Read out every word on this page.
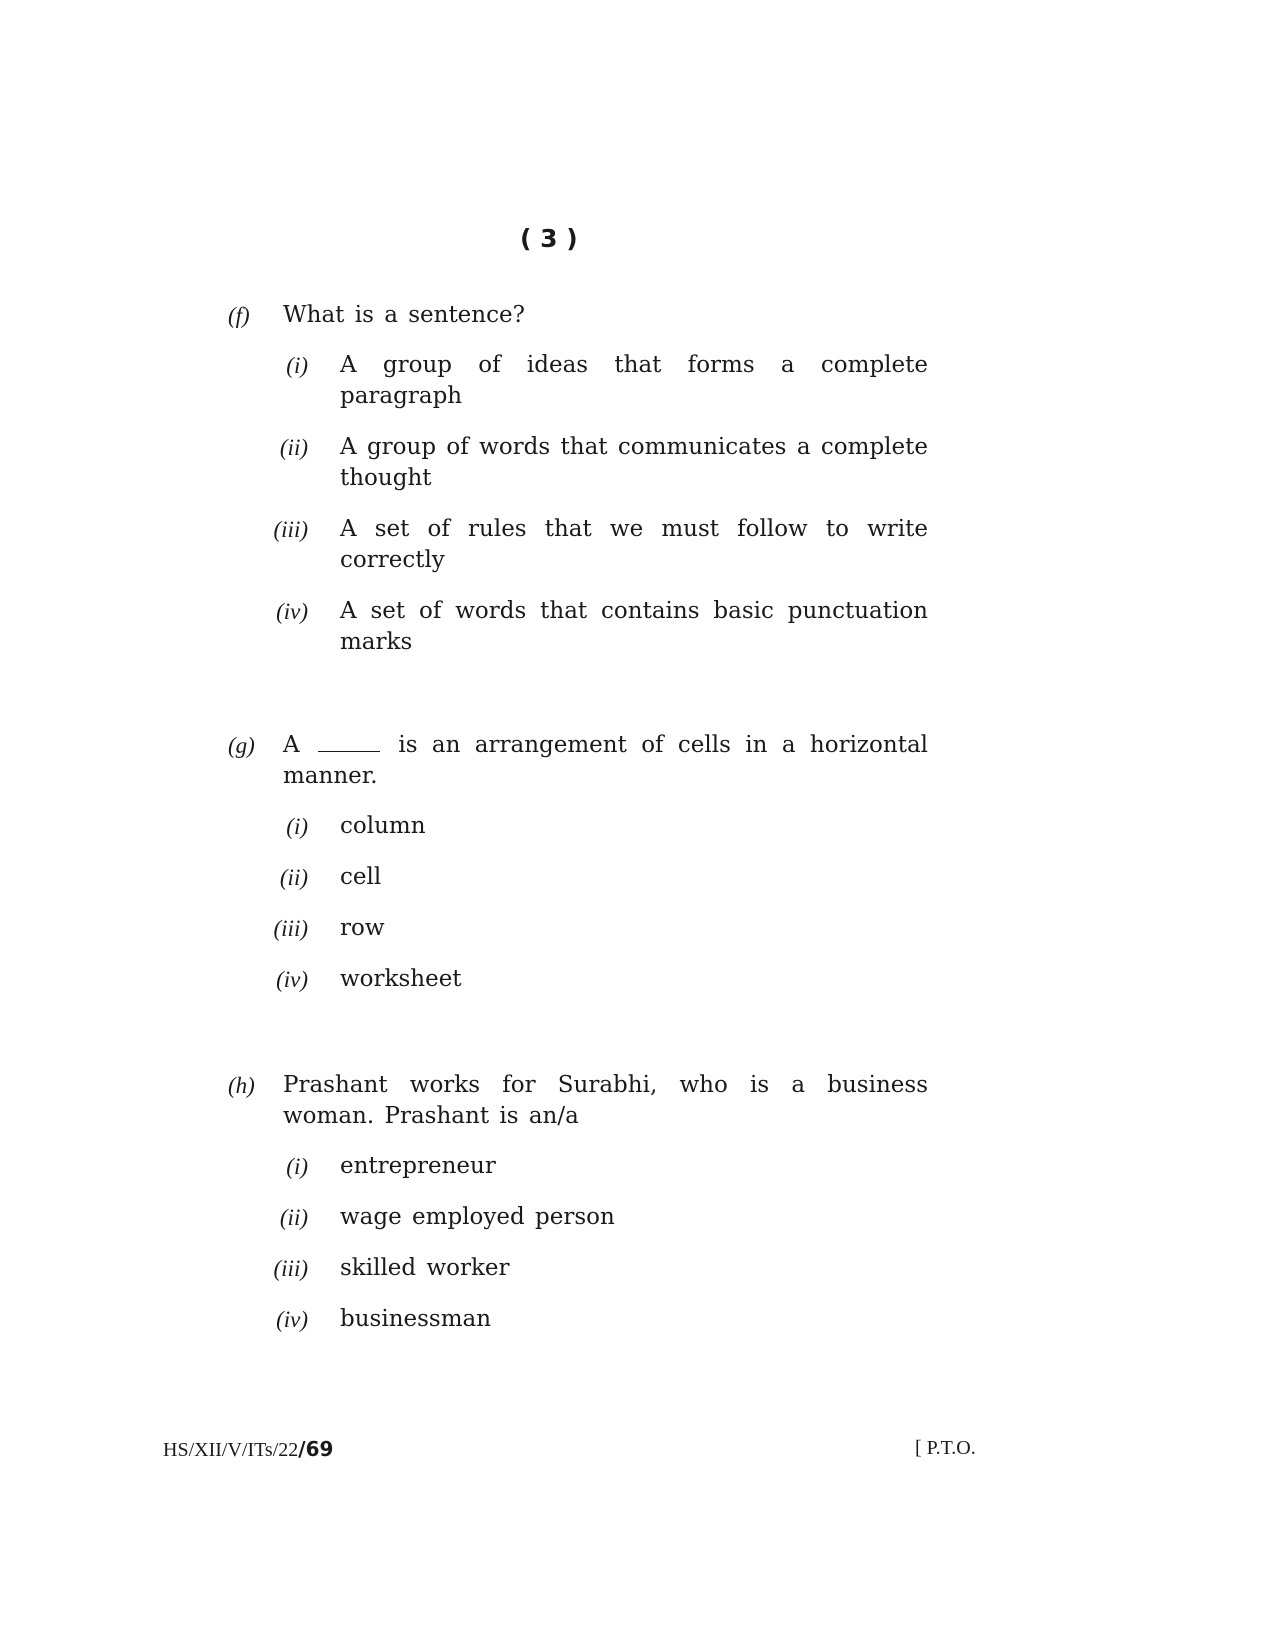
( 3 )
(f) What is a sentence?
(i) A group of ideas that forms a complete paragraph
(ii) A group of words that communicates a complete thought
(iii) A set of rules that we must follow to write correctly
(iv) A set of words that contains basic punctuation marks
(g) A	is an arrangement of cells in a horizontal manner.
(i) column
(ii) cell
(iii) row
(iv) worksheet
(h) Prashant works for Surabhi, who is a business woman. Prashant is an/a
(i) entrepreneur
(ii) wage employed person
(iii) skilled worker
(iv) businessman
HS/XII/V/ITs/22/69	[ P.T.O.
